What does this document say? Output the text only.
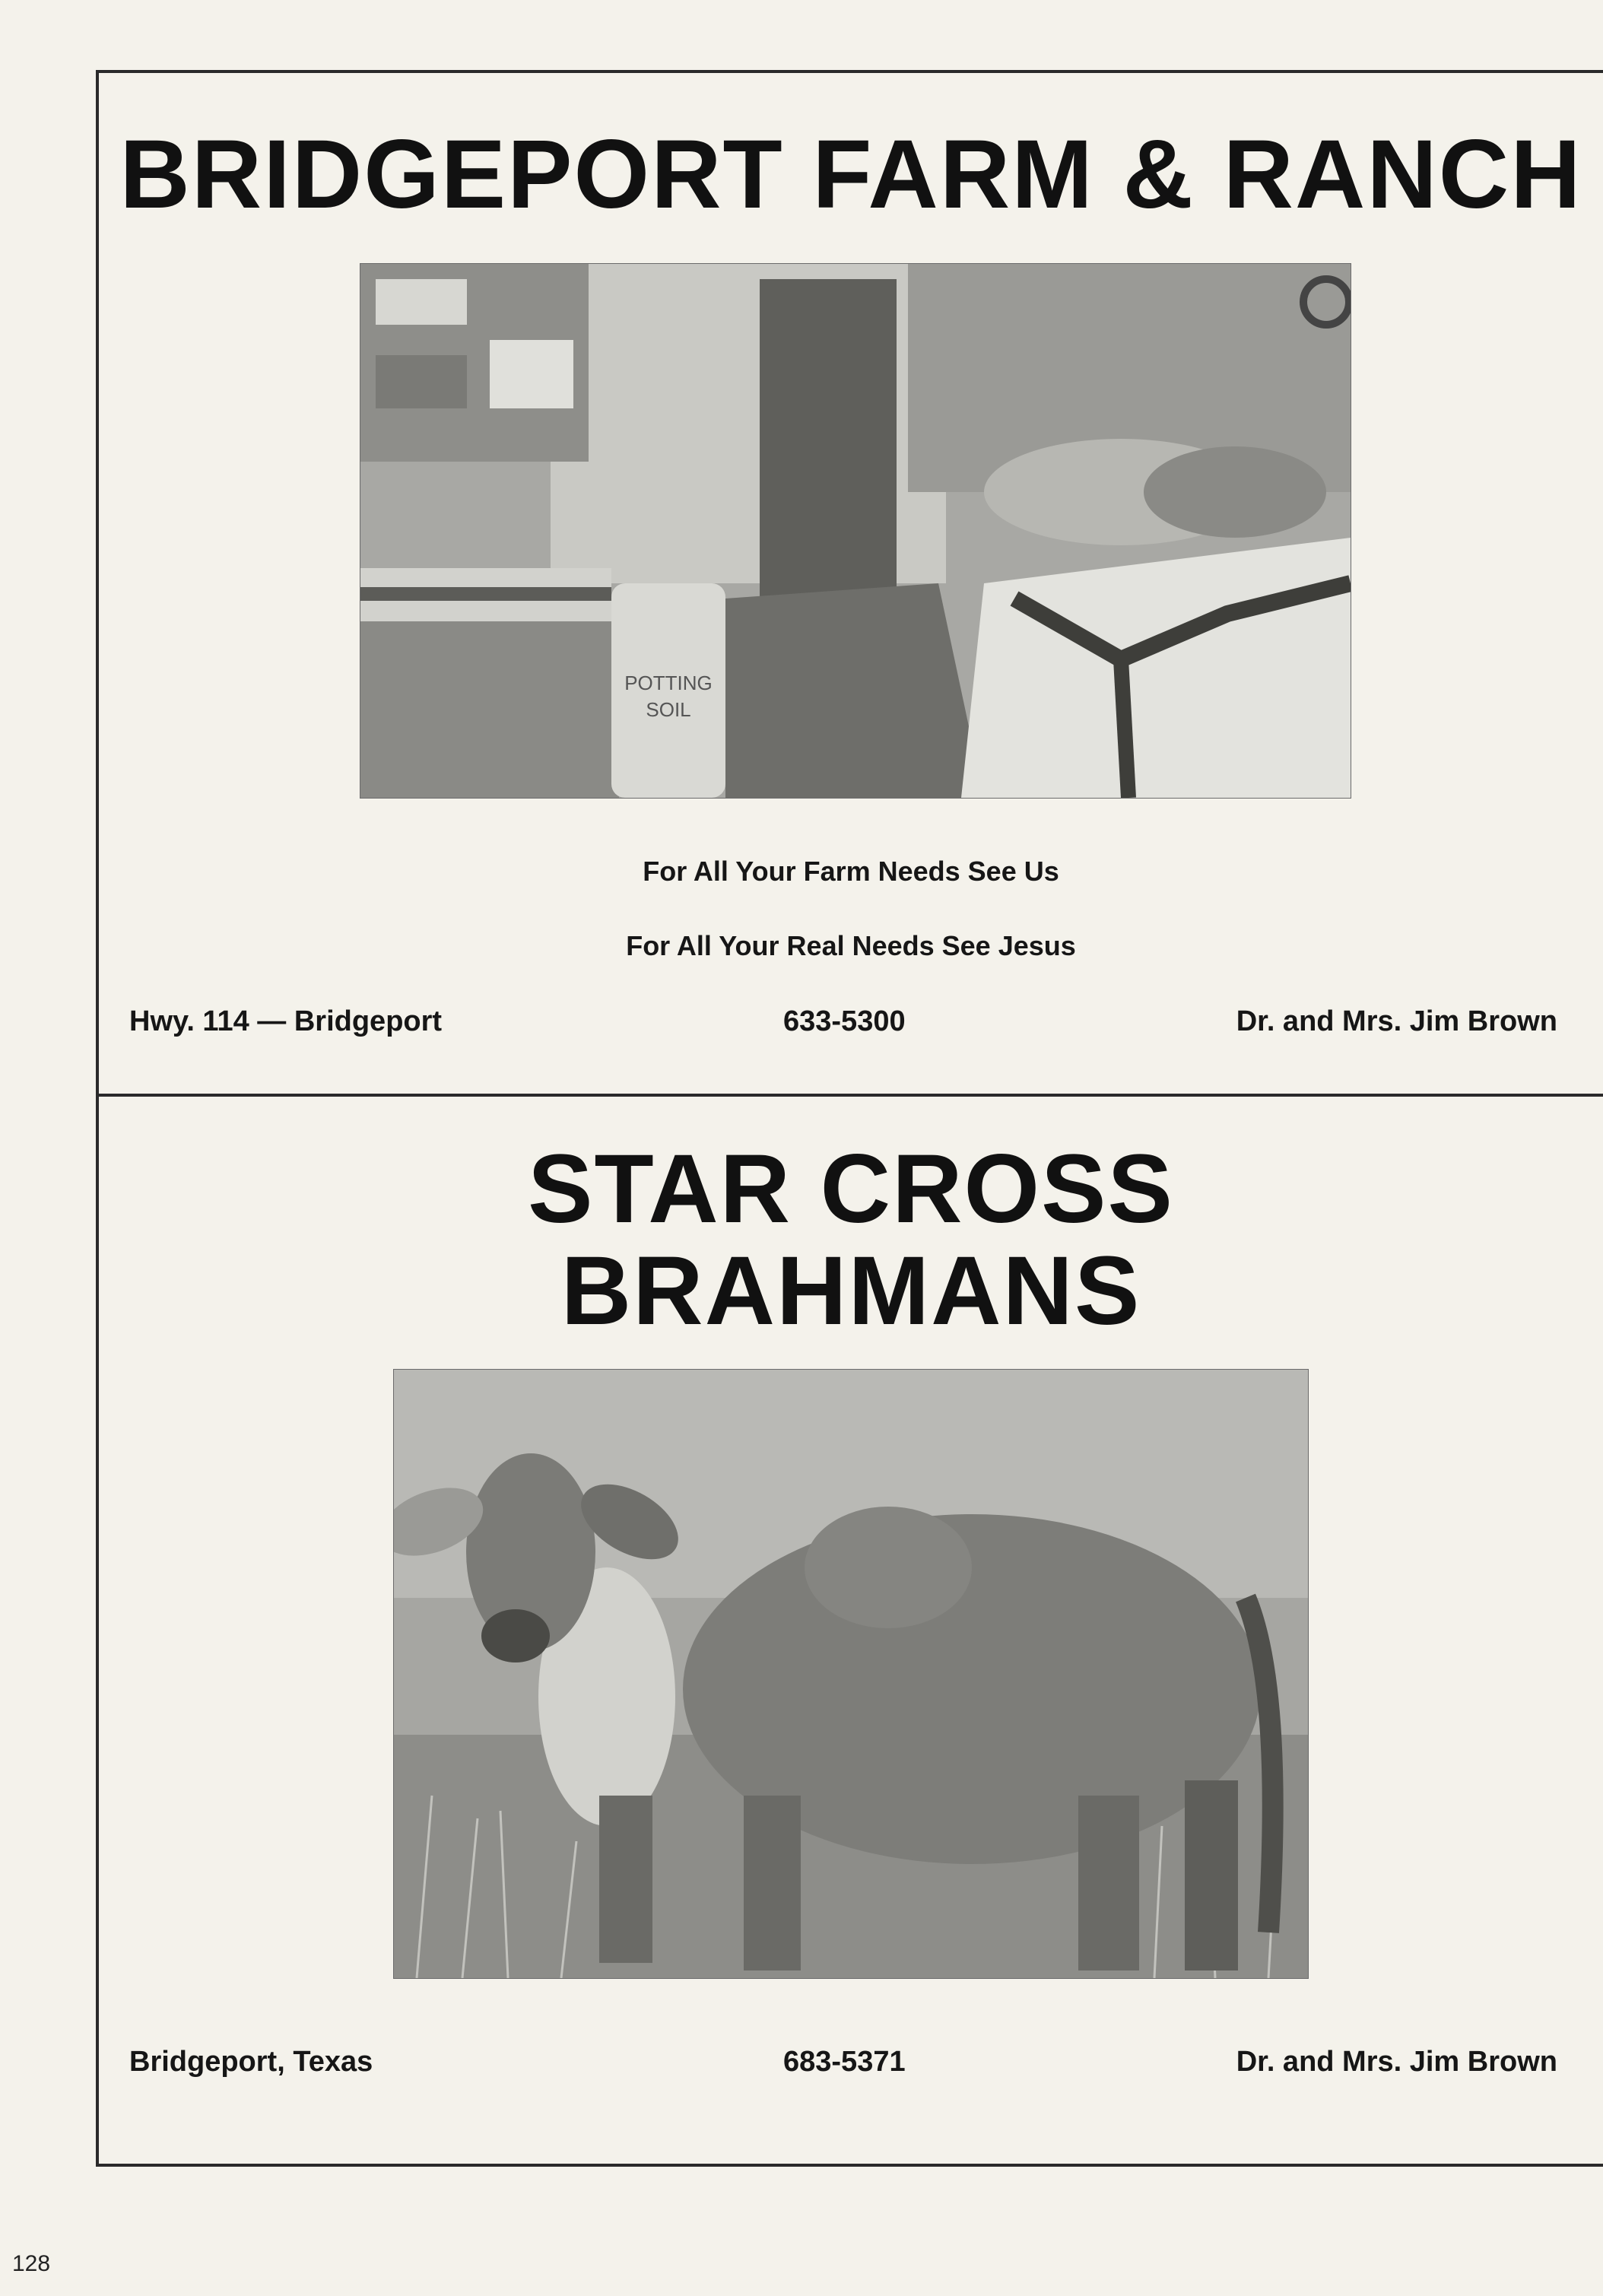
BRIDGEPORT FARM & RANCH
POTTING
SOIL

For All Your Farm Needs See Us

For All Your Real Needs See Jesus

Hwy. 114 — Bridgeport	633-5300	Dr. and Mrs. Jim Brown
STAR CROSS
BRAHMANS
Bridgeport, Texas	683-5371	Dr. and Mrs. Jim Brown
128
